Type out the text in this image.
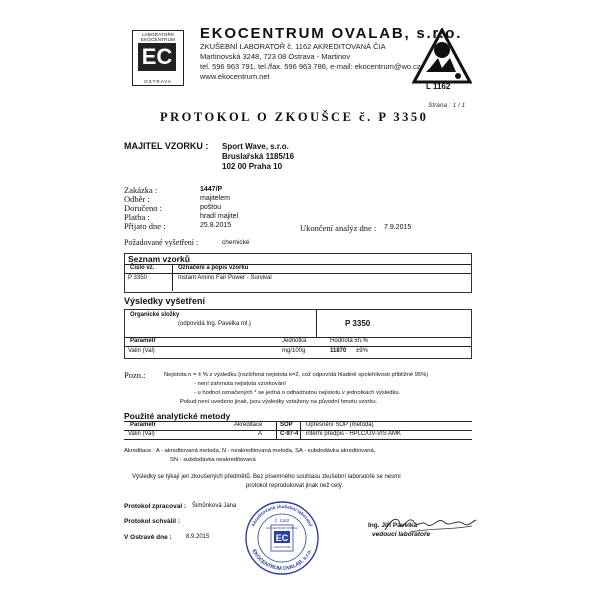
LABORATOŘE
EKOCENTRUM
EC
OSTRAVA
EKOCENTRUM OVALAB, s.r.o.
ZKUŠEBNÍ LABORATOŘ č. 1162 AKREDITOVANÁ ČIA
Martinovská 3248, 723 08 Ostrava - Martinov
tel. 596 963 791, tel./fax. 596 963 786, e-mail: ekocentrum@wo.cz
www.ekocentrum.net
L 1162
Strana : 1 / 1
PROTOKOL O ZKOUŠCE č. P 3350
MAJITEL VZORKU : Sport Wave, s.r.o.
Bruslařská 1185/16
102 00 Praha 10
Zakázka :	1447/P
Odběr :	majitelem
Doručeno :	poštou
Platba :	hradí majitel
Přijato dne :	25.8.2015	Ukončení analýz dne : 7.9.2015
Požadované vyšetření :	chemické
Seznam vzorků
Číslo vz.	Označení a popis vzorku
P 3350	Instant Amino Fair Power - Survival
Výsledky vyšetření
Organické složky
(odpovídá Ing. Pavelka ml.)	P 3350
Parametr	Jednotka	Hodnota ±n.%
Valin (Val)	mg/100g	11870 ±9%
Pozn.:	Nejistota n = ± % z výsledku (rozšířená nejistota k=2, což odpovídá hladině spolehlivosti přibližně 95%)
- není zahrnuta nejistota vzorkování
- u hodnot označených * se jedná o odhadnutou nejistotu v jednotkách výsledku.
Pokud není uvedeno jinak, jsou výsledky vztaženy na původní hmotu vzorku.
Použité analytické metody
Parametr	Akreditace	SOP Upřesnění SOP (metoda)
Valin (Val)	A	C-97-4 interní předpis - HPLC/UV-VIS AMK
Akreditace : A - akreditovaná metoda, N - neakreditovaná metoda, SA - subdodávka akreditovaná,
SN - subdodávka neakreditovaná
Výsledky se týkají jen zkoušených předmětů. Bez písemného souhlasu zkušební laboratoře se nesmí
protokol reprodukovat jinak než celý.
Protokol zpracoval : Šimůnková Jana
Protokol schválil :
V Ostravě dne : 8.9.2015
Akreditovaná zkušební laboratoř
EKOCENTRUM OVALAB, s.r.o.
č. 1162
EKOCENTRUM OSTRAVA
EC
LABORATOŘE
Ing. Jiří Pavelka
vedoucí laboratoře
